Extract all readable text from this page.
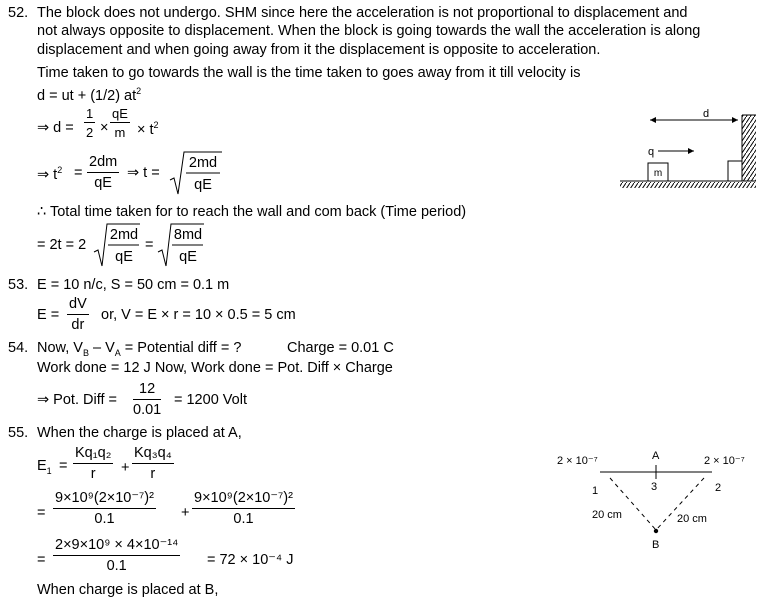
52. The block does not undergo. SHM since here the acceleration is not proportional to displacement and
not always opposite to displacement. When the block is going towards the wall the acceleration is along
displacement and when going away from it the displacement is opposite to acceleration.
Time taken to go towards the wall is the time taken to goes away from it till velocity is
d = ut + (1/2) $at^2$
⇒ $d = \frac{1}{2} \times \frac{qE}{m} \times t^2$
⇒ $t^2 = \frac{2dm}{qE}$ ⇒ t =
2md
qE
∴ Total time taken for to reach the wall and com back (Time period)
= 2t = 2
2md
qE
=
8md
qE
d
q
m
53. E = 10 n/c, S = 50 cm = 0.1 m
$E = \frac{dV}{dr}$ or, V = E × r = 10 × 0.5 = 5 cm
54. Now, $V_B - V_A$ = Potential diff = ?	Charge = 0.01 C
Work done = 12 J Now, Work done = Pot. Diff × Charge
⇒ Pot. Diff = $\frac{12}{0.01} = 1200$ Volt
55. When the charge is placed at A,
$E_1 = \frac{\text{Kq₁q₂}}{r} + \frac{\text{Kq₃q₄}}{r}$
= $\frac{\text{9×10⁹(2×10⁻⁷)²}}{0.1} + \frac{\text{9×10⁹(2×10⁻⁷)²}}{0.1}$
= $\frac{\text{2×9×10⁹ × 4×10⁻¹⁴}}{0.1} = 72 \times 10^{-4}$ J
When charge is placed at B,
2 × 10⁻⁷	2 × 10⁻⁷
A
3
1	2
B
20 cm	20 cm
